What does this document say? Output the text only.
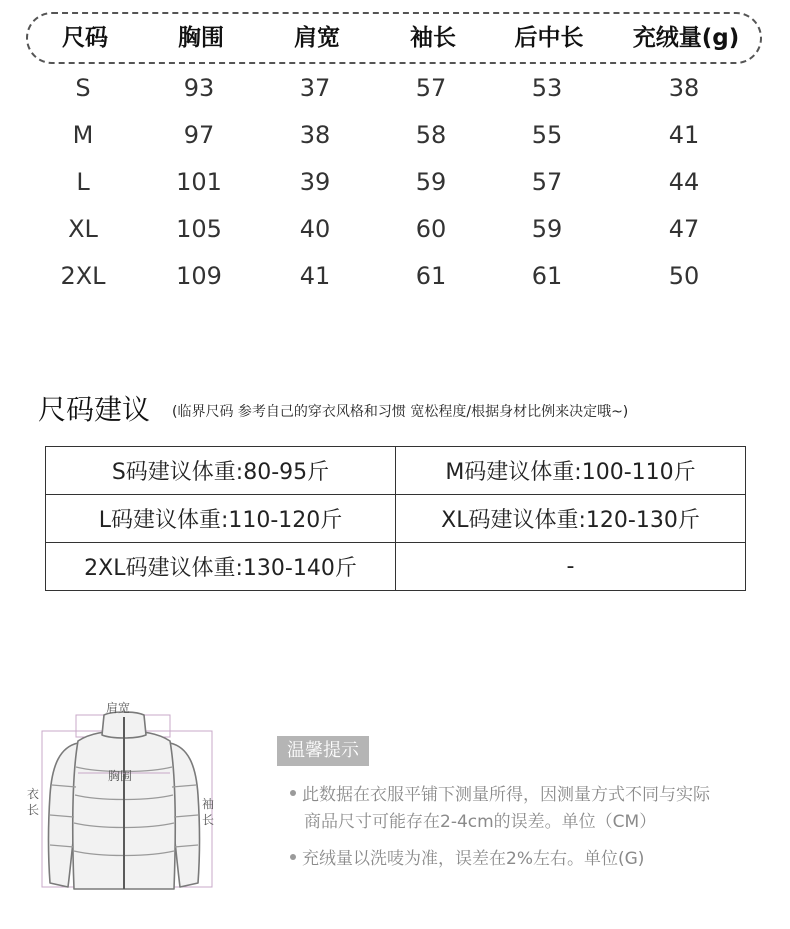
尺码	胸围	肩宽	袖长	后中长 充绒量(g)
S	93	37	57	53	38
M	97	38	58	55	41
L	101	39	59	57	44
XL	105	40	60	59	47
2XL	109	41	61	61	50
尺码建议 (临界尺码 参考自己的穿衣风格和习惯 宽松程度/根据身材比例来决定哦~)
S码建议体重:80-95斤	M码建议体重:100-110斤
L码建议体重:110-120斤	XL码建议体重:120-130斤
2XL码建议体重:130-140斤	-
肩宽
胸围
衣
长	袖
长
温馨提示
此数据在衣服平铺下测量所得，因测量方式不同与实际
商品尺寸可能存在2-4cm的误差。单位（CM）
充绒量以洗唛为准，误差在2%左右。单位(G)
